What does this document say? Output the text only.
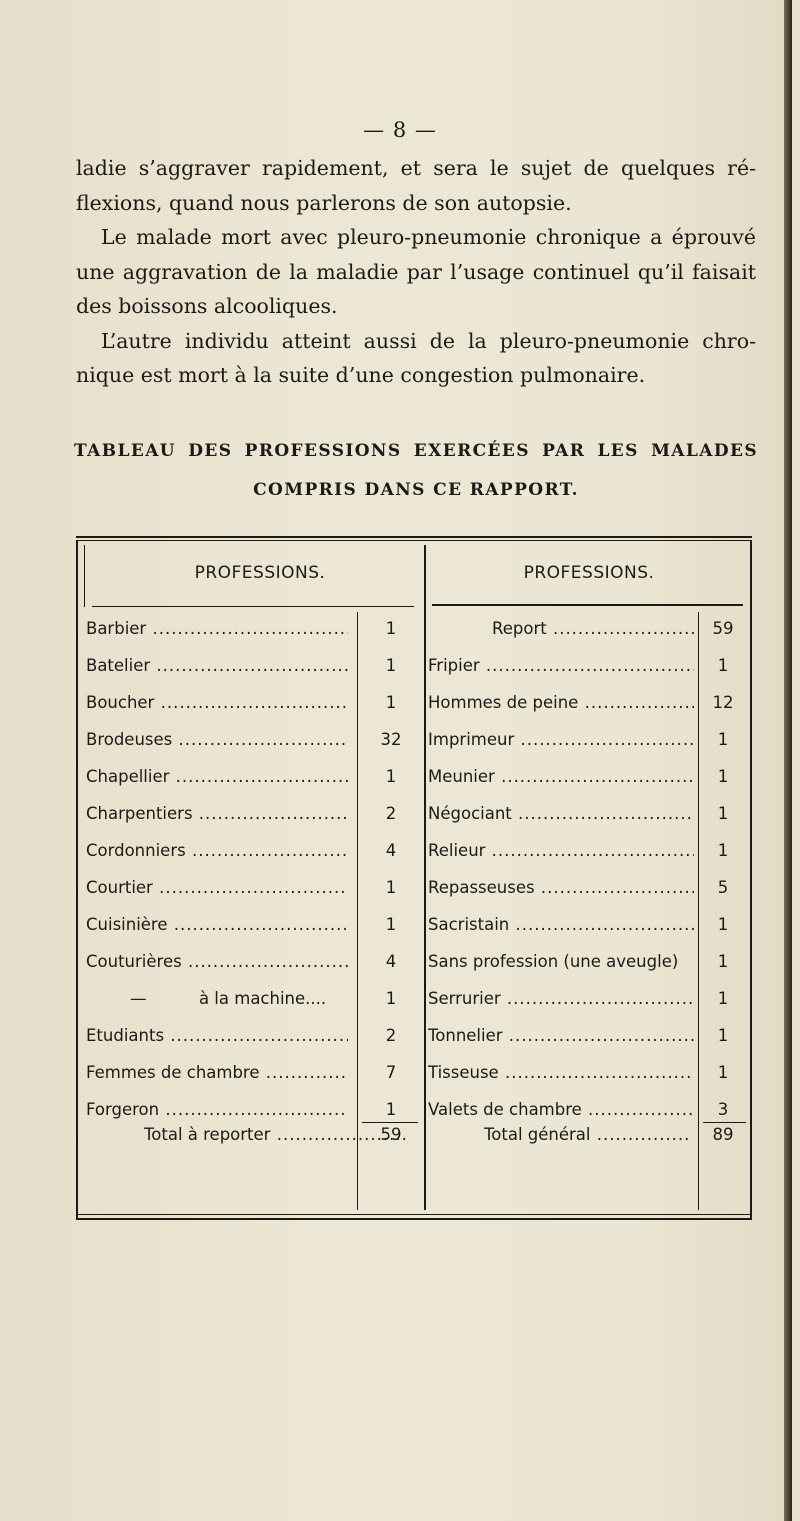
— 8 —

ladie s’aggraver rapidement, et sera le sujet de quelques ré- flexions, quand nous parlerons de son autopsie.

Le malade mort avec pleuro-pneumonie chronique a éprouvé une aggravation de la maladie par l’usage continuel qu’il faisait des boissons alcooliques.

L’autre individu atteint aussi de la pleuro-pneumonie chro- nique est mort à la suite d’une congestion pulmonaire.

TABLEAU DES PROFESSIONS EXERCÉES PAR LES MALADES
COMPRIS DANS CE RAPPORT.
PROFESSIONS.	PROFESSIONS.
Barbier .....	1
Batelier .....	1
Boucher .....	1
Brodeuses .....	32
Chapellier .....	1
Charpentiers .....	2
Cordonniers .....	4
Courtier .....	1
Cuisinière .....	1
Couturières .....	4
—          à la machine....	1
Etudiants .....	2
Femmes de chambre .....	7
Forgeron .....	1
Report .....	59
Fripier .....	1
Hommes de peine .....	12
Imprimeur .....	1
Meunier .....	1
Négociant .....	1
Relieur .....	1
Repasseuses .....	5
Sacristain .....	1
Sans profession (une aveugle)	1
Serrurier .....	1
Tonnelier .....	1
Tisseuse .....	1
Valets de chambre .....	3
Total à reporter .....	59	Total général .....	89
